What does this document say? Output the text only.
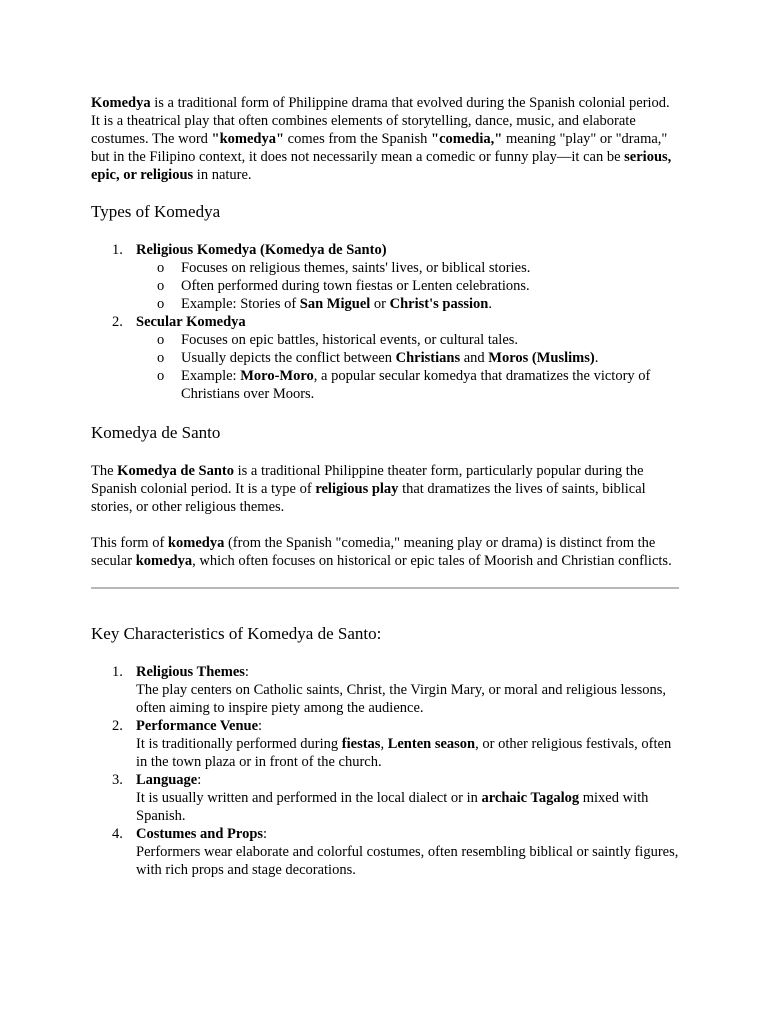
Komedya is a traditional form of Philippine drama that evolved during the Spanish colonial period. It is a theatrical play that often combines elements of storytelling, dance, music, and elaborate costumes. The word "komedya" comes from the Spanish "comedia," meaning "play" or "drama," but in the Filipino context, it does not necessarily mean a comedic or funny play—it can be serious, epic, or religious in nature.

Types of Komedya
1. Religious Komedya (Komedya de Santo)
o Focuses on religious themes, saints' lives, or biblical stories.
o Often performed during town fiestas or Lenten celebrations.
o Example: Stories of San Miguel or Christ's passion.
2. Secular Komedya
o Focuses on epic battles, historical events, or cultural tales.
o Usually depicts the conflict between Christians and Moros (Muslims).
o Example: Moro-Moro, a popular secular komedya that dramatizes the victory of Christians over Moors.
Komedya de Santo

The Komedya de Santo is a traditional Philippine theater form, particularly popular during the Spanish colonial period. It is a type of religious play that dramatizes the lives of saints, biblical stories, or other religious themes.

This form of komedya (from the Spanish "comedia," meaning play or drama) is distinct from the secular komedya, which often focuses on historical or epic tales of Moorish and Christian conflicts.

Key Characteristics of Komedya de Santo:
1. Religious Themes:
The play centers on Catholic saints, Christ, the Virgin Mary, or moral and religious lessons, often aiming to inspire piety among the audience.
2. Performance Venue:
It is traditionally performed during fiestas, Lenten season, or other religious festivals, often in the town plaza or in front of the church.
3. Language:
It is usually written and performed in the local dialect or in archaic Tagalog mixed with Spanish.
4. Costumes and Props:
Performers wear elaborate and colorful costumes, often resembling biblical or saintly figures, with rich props and stage decorations.
